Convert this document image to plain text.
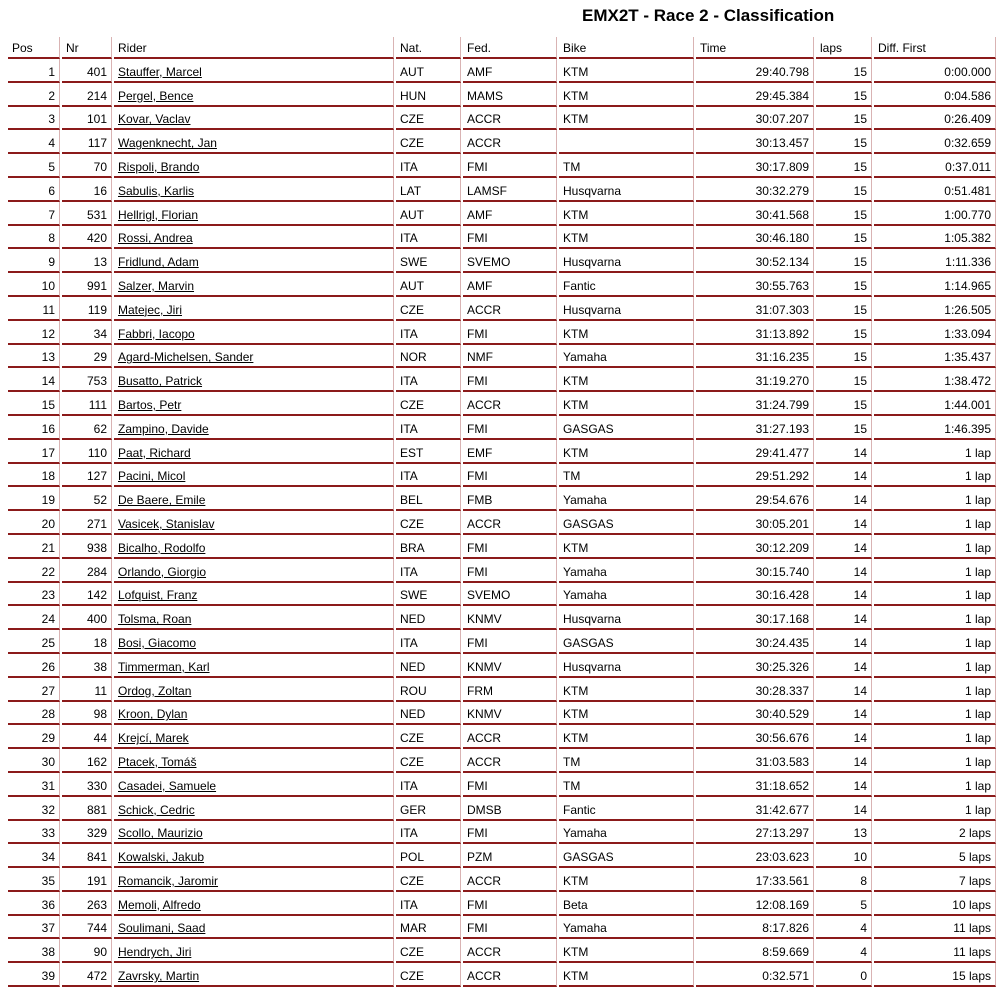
EMX2T - Race 2 - Classification
Pos	Nr	Rider	Nat.	Fed.	Bike	Time	laps	Diff. First
1	401	Stauffer, Marcel	AUT	AMF	KTM	29:40.798	15	0:00.000
2	214	Pergel, Bence	HUN	MAMS	KTM	29:45.384	15	0:04.586
3	101	Kovar, Vaclav	CZE	ACCR	KTM	30:07.207	15	0:26.409
4	117	Wagenknecht, Jan	CZE	ACCR		30:13.457	15	0:32.659
5	70	Rispoli, Brando	ITA	FMI	TM	30:17.809	15	0:37.011
6	16	Sabulis, Karlis	LAT	LAMSF	Husqvarna	30:32.279	15	0:51.481
7	531	Hellrigl, Florian	AUT	AMF	KTM	30:41.568	15	1:00.770
8	420	Rossi, Andrea	ITA	FMI	KTM	30:46.180	15	1:05.382
9	13	Fridlund, Adam	SWE	SVEMO	Husqvarna	30:52.134	15	1:11.336
10	991	Salzer, Marvin	AUT	AMF	Fantic	30:55.763	15	1:14.965
11	119	Matejec, Jiri	CZE	ACCR	Husqvarna	31:07.303	15	1:26.505
12	34	Fabbri, Iacopo	ITA	FMI	KTM	31:13.892	15	1:33.094
13	29	Agard-Michelsen, Sander	NOR	NMF	Yamaha	31:16.235	15	1:35.437
14	753	Busatto, Patrick	ITA	FMI	KTM	31:19.270	15	1:38.472
15	111	Bartos, Petr	CZE	ACCR	KTM	31:24.799	15	1:44.001
16	62	Zampino, Davide	ITA	FMI	GASGAS	31:27.193	15	1:46.395
17	110	Paat, Richard	EST	EMF	KTM	29:41.477	14	1 lap
18	127	Pacini, Micol	ITA	FMI	TM	29:51.292	14	1 lap
19	52	De Baere, Emile	BEL	FMB	Yamaha	29:54.676	14	1 lap
20	271	Vasicek, Stanislav	CZE	ACCR	GASGAS	30:05.201	14	1 lap
21	938	Bicalho, Rodolfo	BRA	FMI	KTM	30:12.209	14	1 lap
22	284	Orlando, Giorgio	ITA	FMI	Yamaha	30:15.740	14	1 lap
23	142	Lofquist, Franz	SWE	SVEMO	Yamaha	30:16.428	14	1 lap
24	400	Tolsma, Roan	NED	KNMV	Husqvarna	30:17.168	14	1 lap
25	18	Bosi, Giacomo	ITA	FMI	GASGAS	30:24.435	14	1 lap
26	38	Timmerman, Karl	NED	KNMV	Husqvarna	30:25.326	14	1 lap
27	11	Ordog, Zoltan	ROU	FRM	KTM	30:28.337	14	1 lap
28	98	Kroon, Dylan	NED	KNMV	KTM	30:40.529	14	1 lap
29	44	Krejcí, Marek	CZE	ACCR	KTM	30:56.676	14	1 lap
30	162	Ptacek, Tomáš	CZE	ACCR	TM	31:03.583	14	1 lap
31	330	Casadei, Samuele	ITA	FMI	TM	31:18.652	14	1 lap
32	881	Schick, Cedric	GER	DMSB	Fantic	31:42.677	14	1 lap
33	329	Scollo, Maurizio	ITA	FMI	Yamaha	27:13.297	13	2 laps
34	841	Kowalski, Jakub	POL	PZM	GASGAS	23:03.623	10	5 laps
35	191	Romancik, Jaromir	CZE	ACCR	KTM	17:33.561	8	7 laps
36	263	Memoli, Alfredo	ITA	FMI	Beta	12:08.169	5	10 laps
37	744	Soulimani, Saad	MAR	FMI	Yamaha	8:17.826	4	11 laps
38	90	Hendrych, Jiri	CZE	ACCR	KTM	8:59.669	4	11 laps
39	472	Zavrsky, Martin	CZE	ACCR	KTM	0:32.571	0	15 laps
